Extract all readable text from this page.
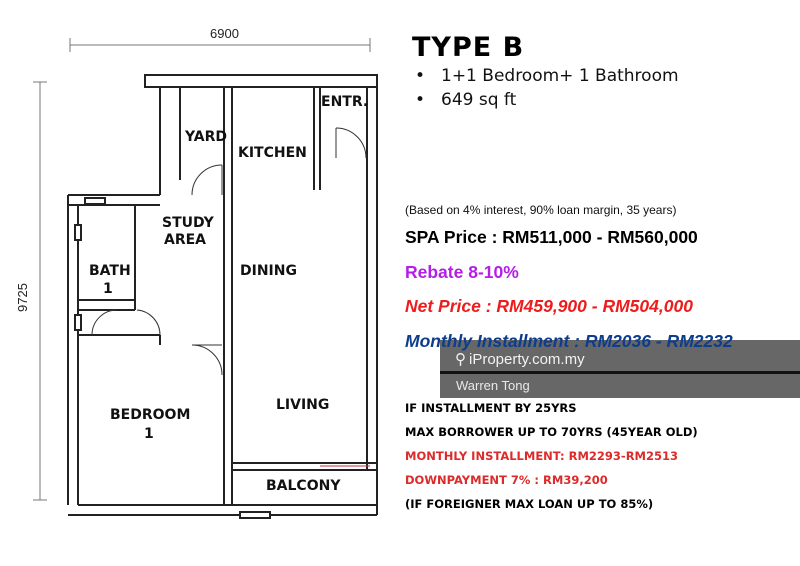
6900
9725
ENTR.
YARD
KITCHEN
STUDY
AREA
BATH
1
DINING
LIVING
BEDROOM
1
BALCONY
TYPE B
• 1+1 Bedroom+ 1 Bathroom
• 649 sq ft
(Based on 4% interest, 90% loan margin, 35 years)
SPA Price : RM511,000 - RM560,000
Rebate 8-10%
Net Price : RM459,900 - RM504,000
Monthly Installment : RM2036 - RM2232
⚲ iProperty.com.my
Warren Tong
IF INSTALLMENT BY 25YRS
MAX BORROWER UP TO 70YRS (45YEAR OLD)
MONTHLY INSTALLMENT: RM2293-RM2513
DOWNPAYMENT 7% : RM39,200
(IF FOREIGNER MAX LOAN UP TO 85%)
